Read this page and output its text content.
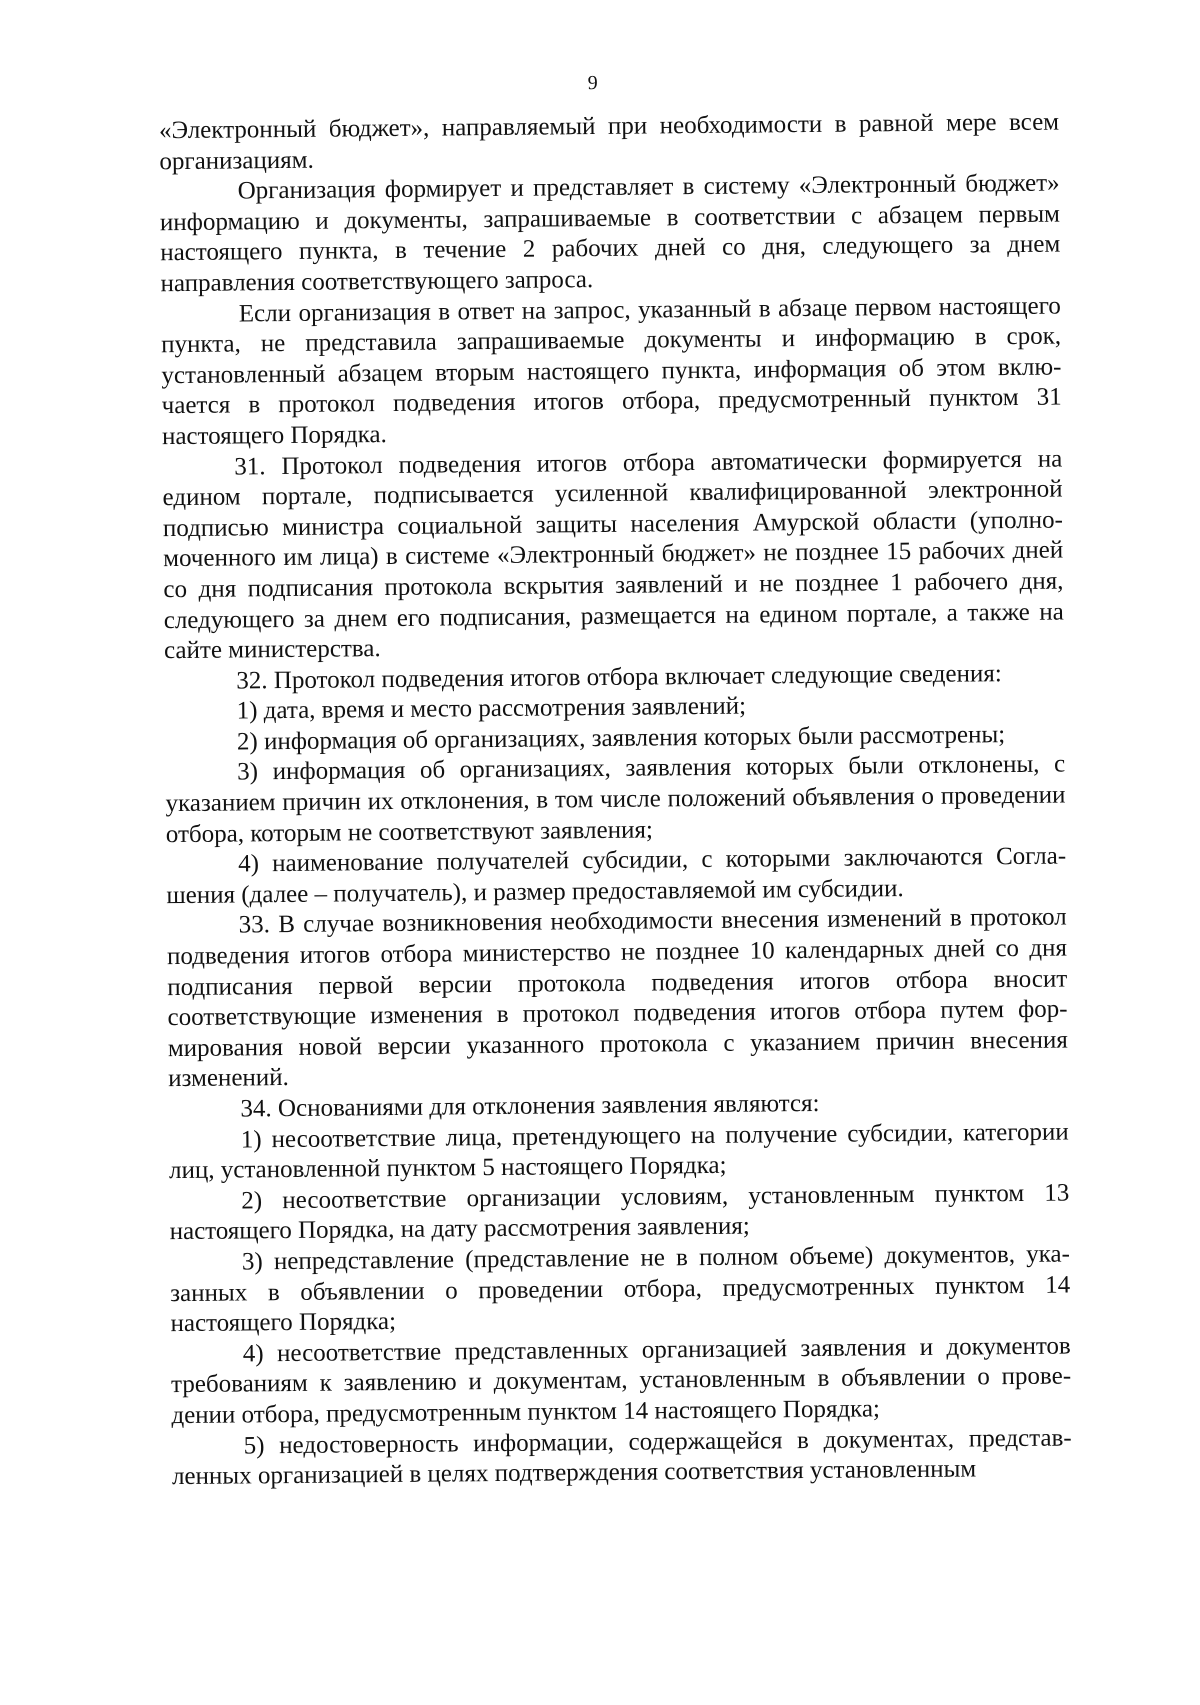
9

«Электронный бюджет», направляемый при необходимости в равной мере всем организациям.

Организация формирует и представляет в систему «Электронный бюджет» информацию и документы, запрашиваемые в соответствии с абзацем первым настоящего пункта, в течение 2 рабочих дней со дня, следующего за днем направления соответствующего запроса.

Если организация в ответ на запрос, указанный в абзаце первом настоящего пункта, не представила запрашиваемые документы и информацию в срок, установленный абзацем вторым настоящего пункта, информация об этом включается в протокол подведения итогов отбора, предусмотренный пунктом 31 настоящего Порядка.

31. Протокол подведения итогов отбора автоматически формируется на едином портале, подписывается усиленной квалифицированной электронной подписью министра социальной защиты населения Амурской области (уполномоченного им лица) в системе «Электронный бюджет» не позднее 15 рабочих дней со дня подписания протокола вскрытия заявлений и не позднее 1 рабочего дня, следующего за днем его подписания, размещается на едином портале, а также на сайте министерства.

32. Протокол подведения итогов отбора включает следующие сведения:

1) дата, время и место рассмотрения заявлений;

2) информация об организациях, заявления которых были рассмотрены;

3) информация об организациях, заявления которых были отклонены, с указанием причин их отклонения, в том числе положений объявления о проведении отбора, которым не соответствуют заявления;

4) наименование получателей субсидии, с которыми заключаются Соглашения (далее – получатель), и размер предоставляемой им субсидии.

33. В случае возникновения необходимости внесения изменений в протокол подведения итогов отбора министерство не позднее 10 календарных дней со дня подписания первой версии протокола подведения итогов отбора вносит соответствующие изменения в протокол подведения итогов отбора путем формирования новой версии указанного протокола с указанием причин внесения изменений.

34. Основаниями для отклонения заявления являются:

1) несоответствие лица, претендующего на получение субсидии, категории лиц, установленной пунктом 5 настоящего Порядка;

2) несоответствие организации условиям, установленным пунктом 13 настоящего Порядка, на дату рассмотрения заявления;

3) непредставление (представление не в полном объеме) документов, указанных в объявлении о проведении отбора, предусмотренных пунктом 14 настоящего Порядка;

4) несоответствие представленных организацией заявления и документов требованиям к заявлению и документам, установленным в объявлении о проведении отбора, предусмотренным пунктом 14 настоящего Порядка;

5) недостоверность информации, содержащейся в документах, представленных организацией в целях подтверждения соответствия установленным
